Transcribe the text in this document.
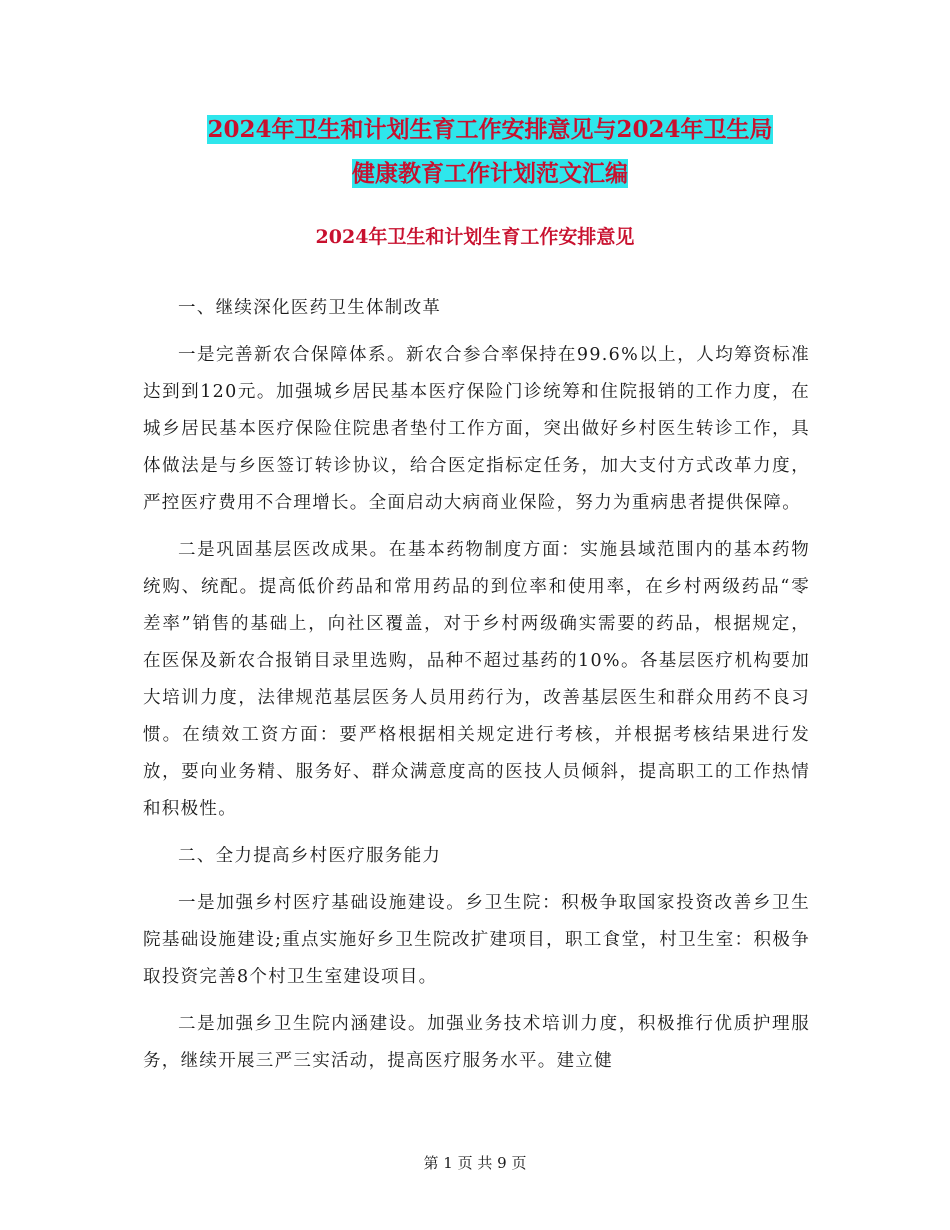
2024年卫生和计划生育工作安排意见与2024年卫生局
健康教育工作计划范文汇编
2024年卫生和计划生育工作安排意见

一、继续深化医药卫生体制改革

一是完善新农合保障体系。新农合参合率保持在99.6%以上，人均筹资标准达到到120元。加强城乡居民基本医疗保险门诊统筹和住院报销的工作力度，在城乡居民基本医疗保险住院患者垫付工作方面，突出做好乡村医生转诊工作，具体做法是与乡医签订转诊协议，给合医定指标定任务，加大支付方式改革力度，严控医疗费用不合理增长。全面启动大病商业保险，努力为重病患者提供保障。

二是巩固基层医改成果。在基本药物制度方面：实施县域范围内的基本药物统购、统配。提高低价药品和常用药品的到位率和使用率，在乡村两级药品“零差率”销售的基础上，向社区覆盖，对于乡村两级确实需要的药品，根据规定，在医保及新农合报销目录里选购，品种不超过基药的10%。各基层医疗机构要加大培训力度，法律规范基层医务人员用药行为，改善基层医生和群众用药不良习惯。在绩效工资方面：要严格根据相关规定进行考核，并根据考核结果进行发放，要向业务精、服务好、群众满意度高的医技人员倾斜，提高职工的工作热情和积极性。

二、全力提高乡村医疗服务能力

一是加强乡村医疗基础设施建设。乡卫生院：积极争取国家投资改善乡卫生院基础设施建设;重点实施好乡卫生院改扩建项目，职工食堂，村卫生室：积极争取投资完善8个村卫生室建设项目。

二是加强乡卫生院内涵建设。加强业务技术培训力度，积极推行优质护理服务，继续开展三严三实活动，提高医疗服务水平。建立健

第 1 页 共 9 页
